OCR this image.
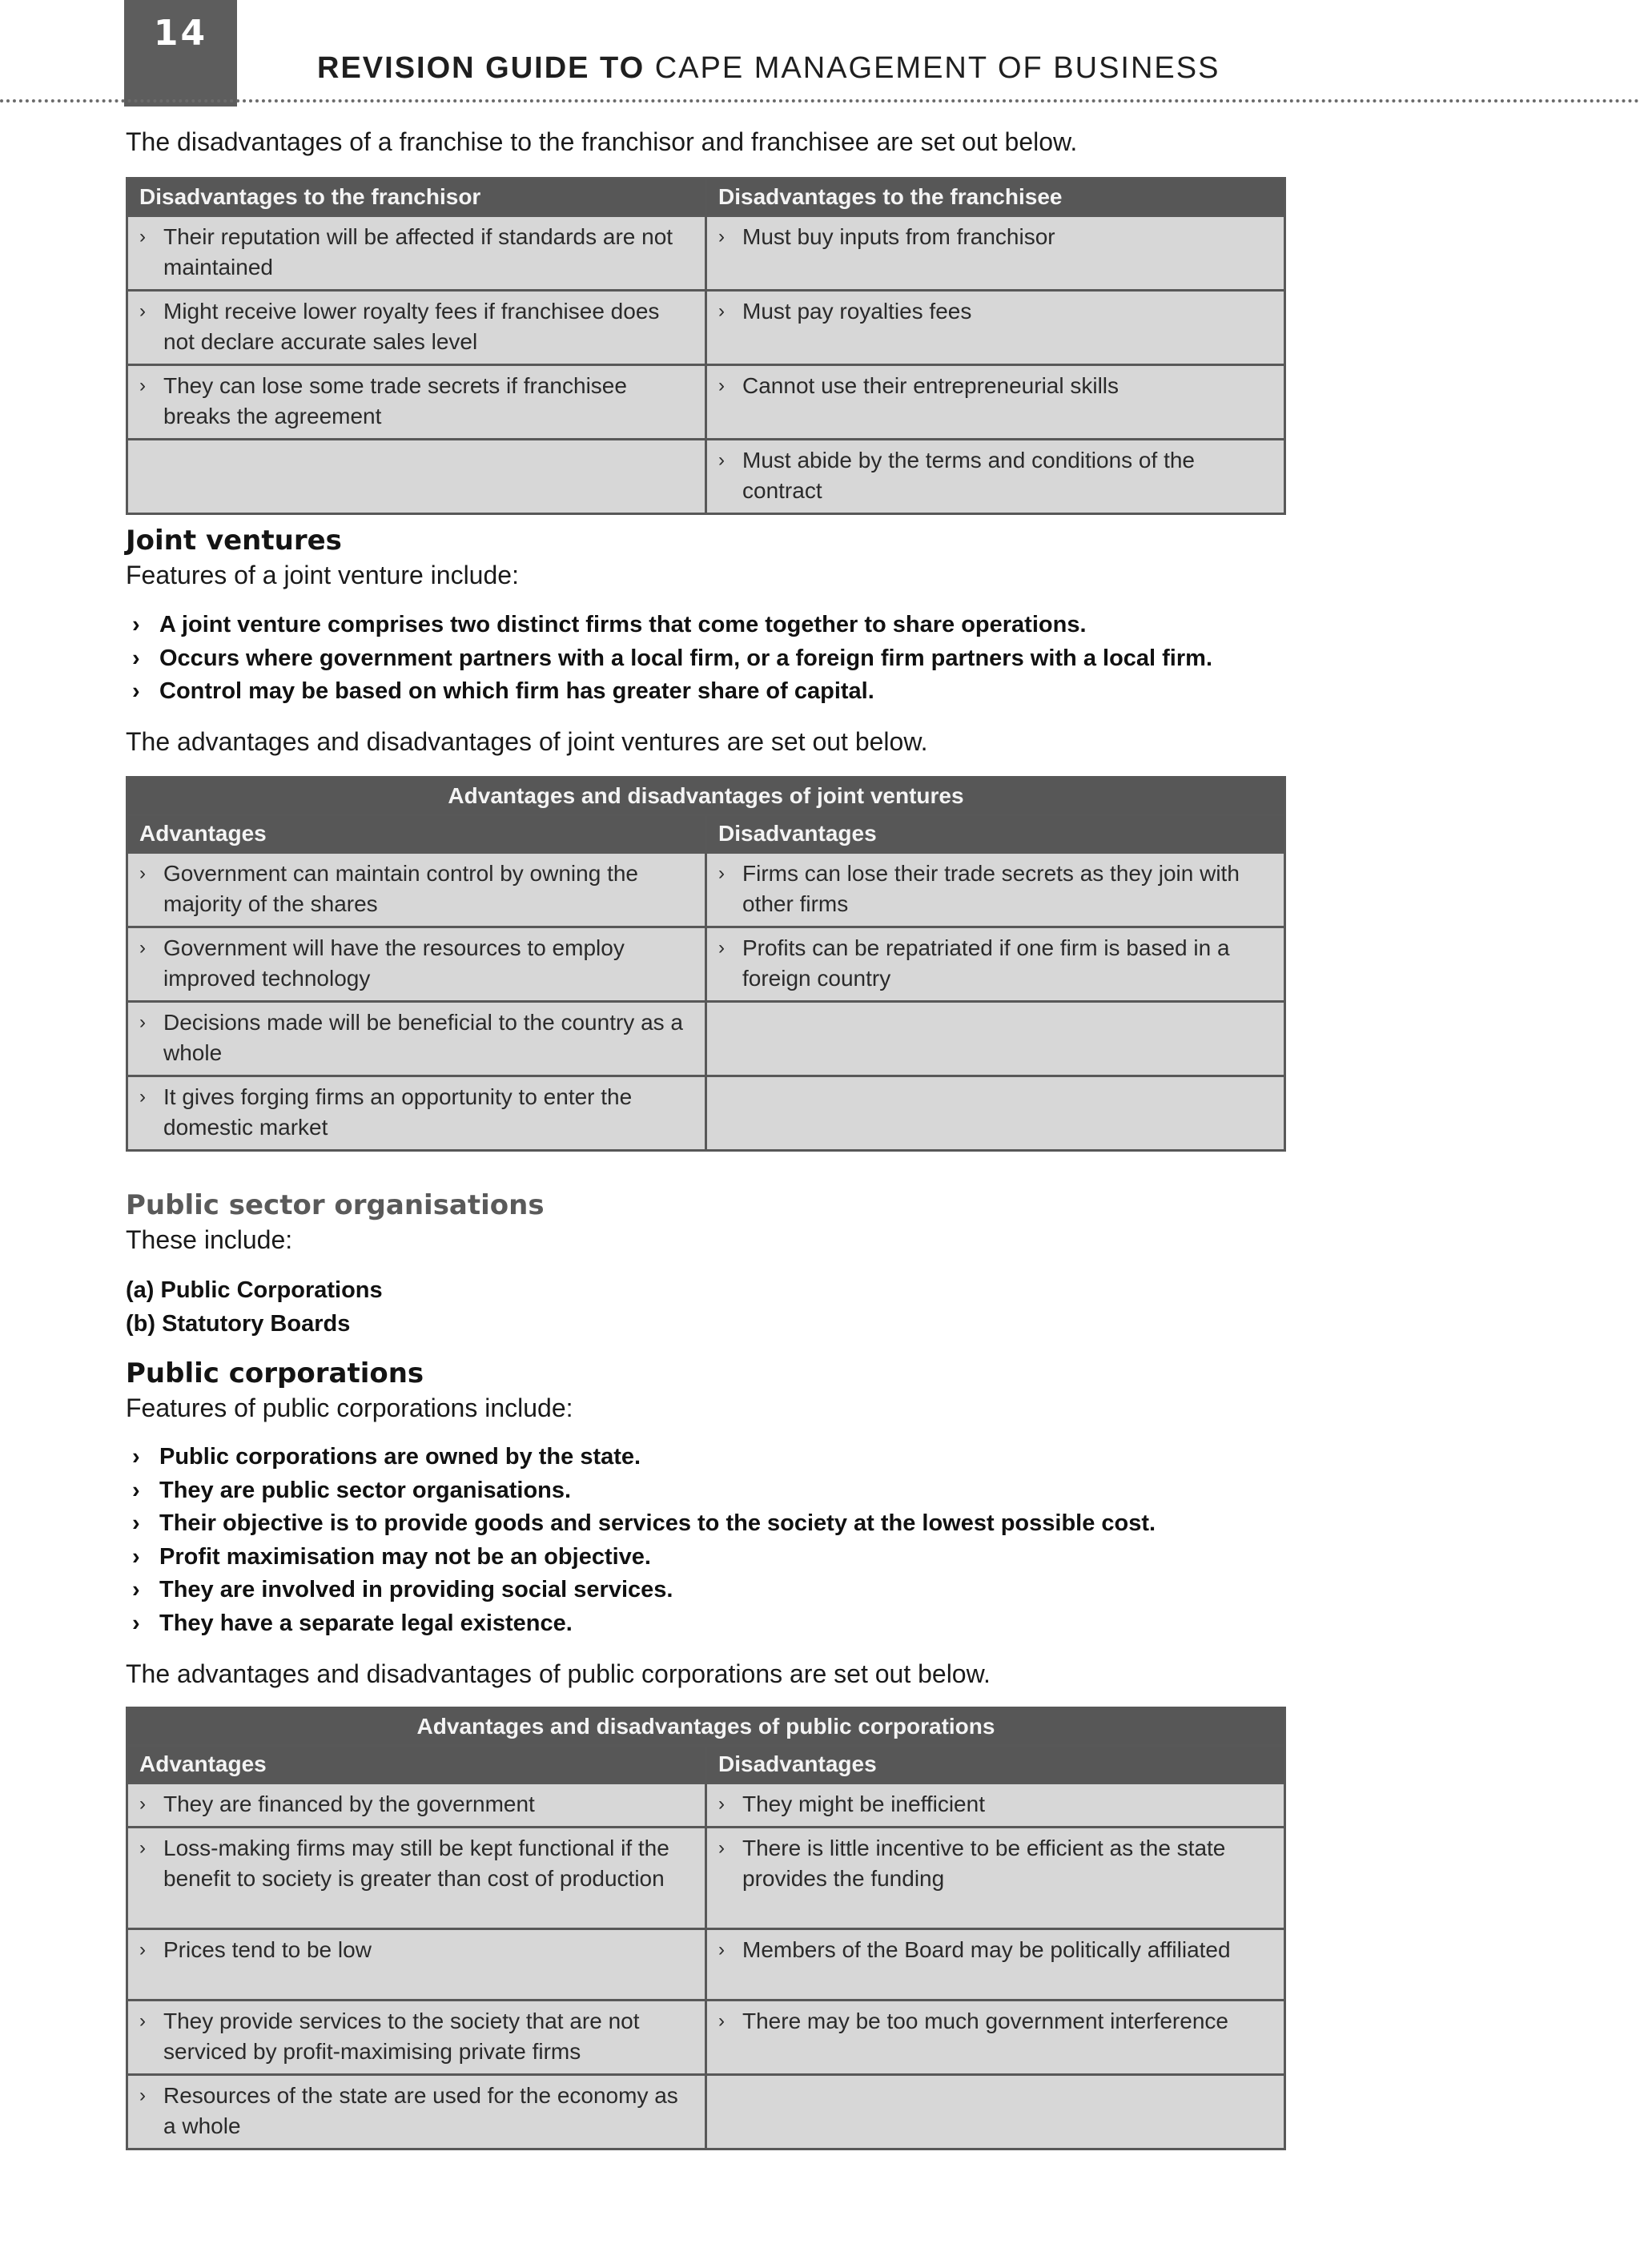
14
REVISION GUIDE TO CAPE MANAGEMENT OF BUSINESS
The disadvantages of a franchise to the franchisor and franchisee are set out below.
Disadvantages to the franchisor	Disadvantages to the franchisee

› Their reputation will be affected if standards are not maintained	› Must buy inputs from franchisor

› Might receive lower royalty fees if franchisee does not declare accurate sales level	› Must pay royalties fees

› They can lose some trade secrets if franchisee breaks the agreement	› Cannot use their entrepreneurial skills

	› Must abide by the terms and conditions of the contract
Joint ventures
Features of a joint venture include:
› A joint venture comprises two distinct firms that come together to share operations.
› Occurs where government partners with a local firm, or a foreign firm partners with a local firm.
› Control may be based on which firm has greater share of capital.
The advantages and disadvantages of joint ventures are set out below.
Advantages and disadvantages of joint ventures	
Advantages	Disadvantages

› Government can maintain control by owning the majority of the shares	› Firms can lose their trade secrets as they join with other firms

› Government will have the resources to employ improved technology	› Profits can be repatriated if one firm is based in a foreign country

› Decisions made will be beneficial to the country as a whole	

› It gives forging firms an opportunity to enter the domestic market	

Public sector organisations
These include:
(a) Public Corporations
(b) Statutory Boards
Public corporations
Features of public corporations include:
› Public corporations are owned by the state.
› They are public sector organisations.
› Their objective is to provide goods and services to the society at the lowest possible cost.
› Profit maximisation may not be an objective.
› They are involved in providing social services.
› They have a separate legal existence.
The advantages and disadvantages of public corporations are set out below.
Advantages and disadvantages of public corporations	
Advantages	Disadvantages

› They are financed by the government	› They might be inefficient

› Loss-making firms may still be kept functional if the benefit to society is greater than cost of production	› There is little incentive to be efficient as the state provides the funding

› Prices tend to be low	› Members of the Board may be politically affiliated

› They provide services to the society that are not serviced by profit-maximising private firms	› There may be too much government interference

› Resources of the state are used for the economy as a whole	
